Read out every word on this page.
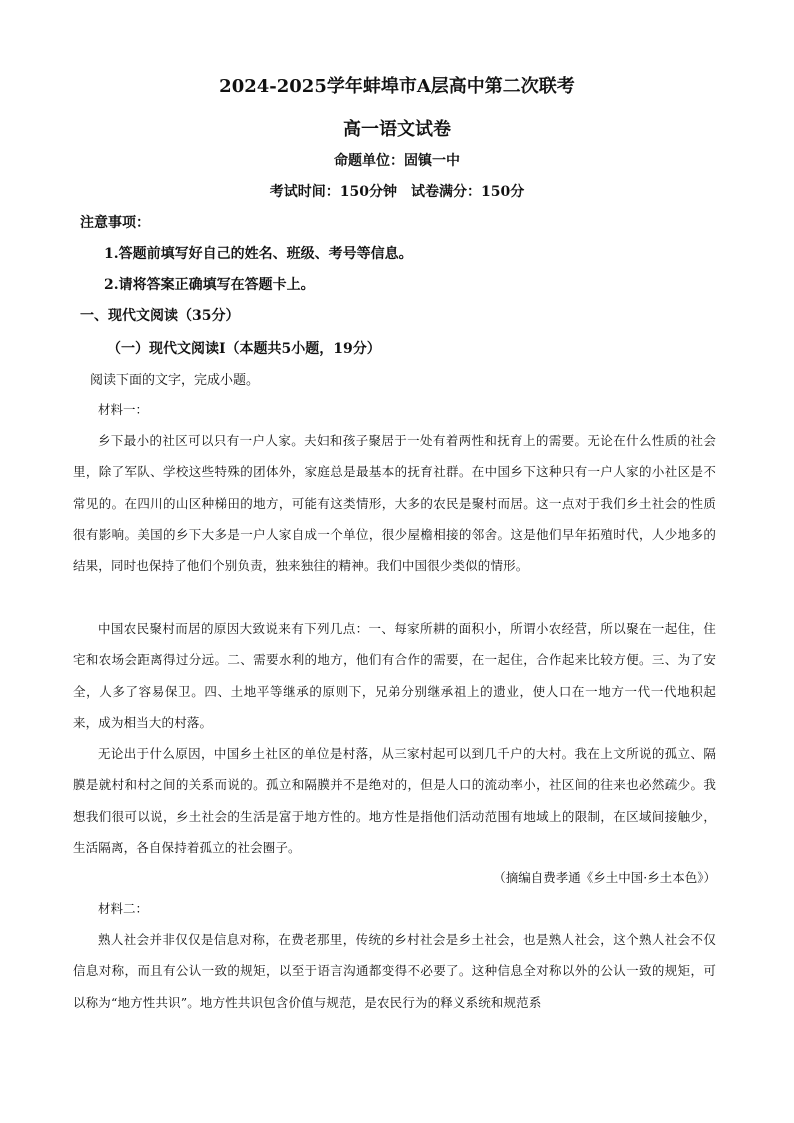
2024-2025学年蚌埠市A层高中第二次联考
高一语文试卷
命题单位：固镇一中
考试时间：150分钟 试卷满分：150分
注意事项：
1.答题前填写好自己的姓名、班级、考号等信息。
2.请将答案正确填写在答题卡上。
一、现代文阅读（35分）
（一）现代文阅读Ⅰ（本题共5小题，19分）
阅读下面的文字，完成小题。
材料一：

乡下最小的社区可以只有一户人家。夫妇和孩子聚居于一处有着两性和抚育上的需要。无论在什么性质的社会里，除了军队、学校这些特殊的团体外，家庭总是最基本的抚育社群。在中国乡下这种只有一户人家的小社区是不常见的。在四川的山区种梯田的地方，可能有这类情形，大多的农民是聚村而居。这一点对于我们乡土社会的性质很有影响。美国的乡下大多是一户人家自成一个单位，很少屋檐相接的邻舍。这是他们早年拓殖时代，人少地多的结果，同时也保持了他们个别负责，独来独往的精神。我们中国很少类似的情形。

中国农民聚村而居的原因大致说来有下列几点：一、每家所耕的面积小，所谓小农经营，所以聚在一起住，住宅和农场会距离得过分远。二、需要水利的地方，他们有合作的需要，在一起住，合作起来比较方便。三、为了安全，人多了容易保卫。四、土地平等继承的原则下，兄弟分别继承祖上的遗业，使人口在一地方一代一代地积起来，成为相当大的村落。

无论出于什么原因，中国乡土社区的单位是村落，从三家村起可以到几千户的大村。我在上文所说的孤立、隔膜是就村和村之间的关系而说的。孤立和隔膜并不是绝对的，但是人口的流动率小，社区间的往来也必然疏少。我想我们很可以说，乡土社会的生活是富于地方性的。地方性是指他们活动范围有地域上的限制，在区域间接触少，生活隔离，各自保持着孤立的社会圈子。

（摘编自费孝通《乡土中国·乡土本色》）
材料二：

熟人社会并非仅仅是信息对称，在费老那里，传统的乡村社会是乡土社会，也是熟人社会，这个熟人社会不仅信息对称，而且有公认一致的规矩，以至于语言沟通都变得不必要了。这种信息全对称以外的公认一致的规矩，可以称为“地方性共识”。地方性共识包含价值与规范，是农民行为的释义系统和规范系
